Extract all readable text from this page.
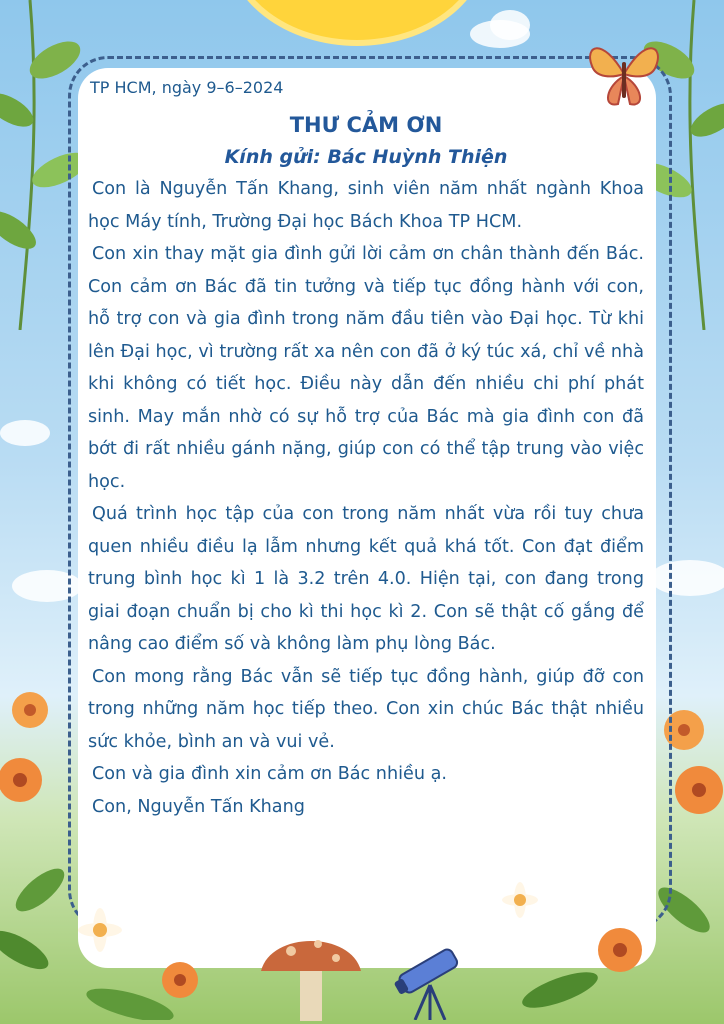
TP HCM, ngày 9–6–2024

THƯ CẢM ƠN

Kính gửi: Bác Huỳnh Thiện

Con là Nguyễn Tấn Khang, sinh viên năm nhất ngành Khoa học Máy tính, Trường Đại học Bách Khoa TP HCM.

Con xin thay mặt gia đình gửi lời cảm ơn chân thành đến Bác. Con cảm ơn Bác đã tin tưởng và tiếp tục đồng hành với con, hỗ trợ con và gia đình trong năm đầu tiên vào Đại học. Từ khi lên Đại học, vì trường rất xa nên con đã ở ký túc xá, chỉ về nhà khi không có tiết học. Điều này dẫn đến nhiều chi phí phát sinh. May mắn nhờ có sự hỗ trợ của Bác mà gia đình con đã bớt đi rất nhiều gánh nặng, giúp con có thể tập trung vào việc học.

Quá trình học tập của con trong năm nhất vừa rồi tuy chưa quen nhiều điều lạ lẫm nhưng kết quả khá tốt. Con đạt điểm trung bình học kì 1 là 3.2 trên 4.0. Hiện tại, con đang trong giai đoạn chuẩn bị cho kì thi học kì 2. Con sẽ thật cố gắng để nâng cao điểm số và không làm phụ lòng Bác.

Con mong rằng Bác vẫn sẽ tiếp tục đồng hành, giúp đỡ con trong những năm học tiếp theo. Con xin chúc Bác thật nhiều sức khỏe, bình an và vui vẻ.

Con và gia đình xin cảm ơn Bác nhiều ạ.

Con, Nguyễn Tấn Khang
